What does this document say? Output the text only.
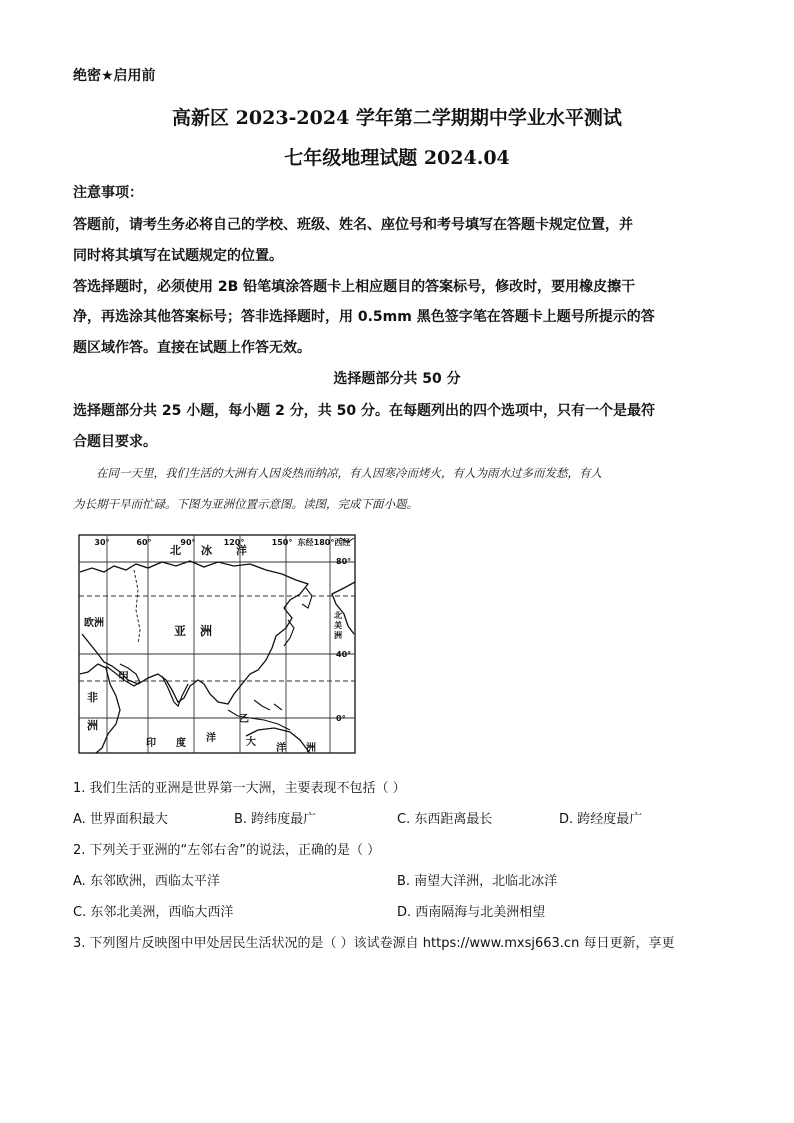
绝密★启用前
高新区 2023-2024 学年第二学期期中学业水平测试
七年级地理试题 2024.04
注意事项：
答题前，请考生务必将自己的学校、班级、姓名、座位号和考号填写在答题卡规定位置，并
同时将其填写在试题规定的位置。
答选择题时，必须使用 2B 铅笔填涂答题卡上相应题目的答案标号，修改时，要用橡皮擦干
净，再选涂其他答案标号；答非选择题时，用 0.5mm 黑色签字笔在答题卡上题号所提示的答
题区域作答。直接在试题上作答无效。
选择题部分共 50 分
选择题部分共 25 小题，每小题 2 分，共 50 分。在每题列出的四个选项中，只有一个是最符
合题目要求。
在同一天里，我们生活的大洲有人因炎热而纳凉，有人因寒冷而烤火，有人为雨水过多而发愁，有人
为长期干旱而忙碌。下图为亚洲位置示意图。读图，完成下面小题。
30°	60°	90°	120°	150° 东经180°西经
80°
40°
0°
北 冰 洋
欧洲
亚 洲
北美洲
甲
非
洲
印 度 洋
乙
大
洋 洲
1. 我们生活的亚洲是世界第一大洲，主要表现不包括（ ）
A. 世界面积最大	B. 跨纬度最广	C. 东西距离最长	D. 跨经度最广
2. 下列关于亚洲的“左邻右舍”的说法，正确的是（ ）
A. 东邻欧洲，西临太平洋	B. 南望大洋洲，北临北冰洋
C. 东邻北美洲，西临大西洋	D. 西南隔海与北美洲相望
3. 下列图片反映图中甲处居民生活状况的是（ ）该试卷源自 https://www.mxsj663.cn 每日更新，享更
